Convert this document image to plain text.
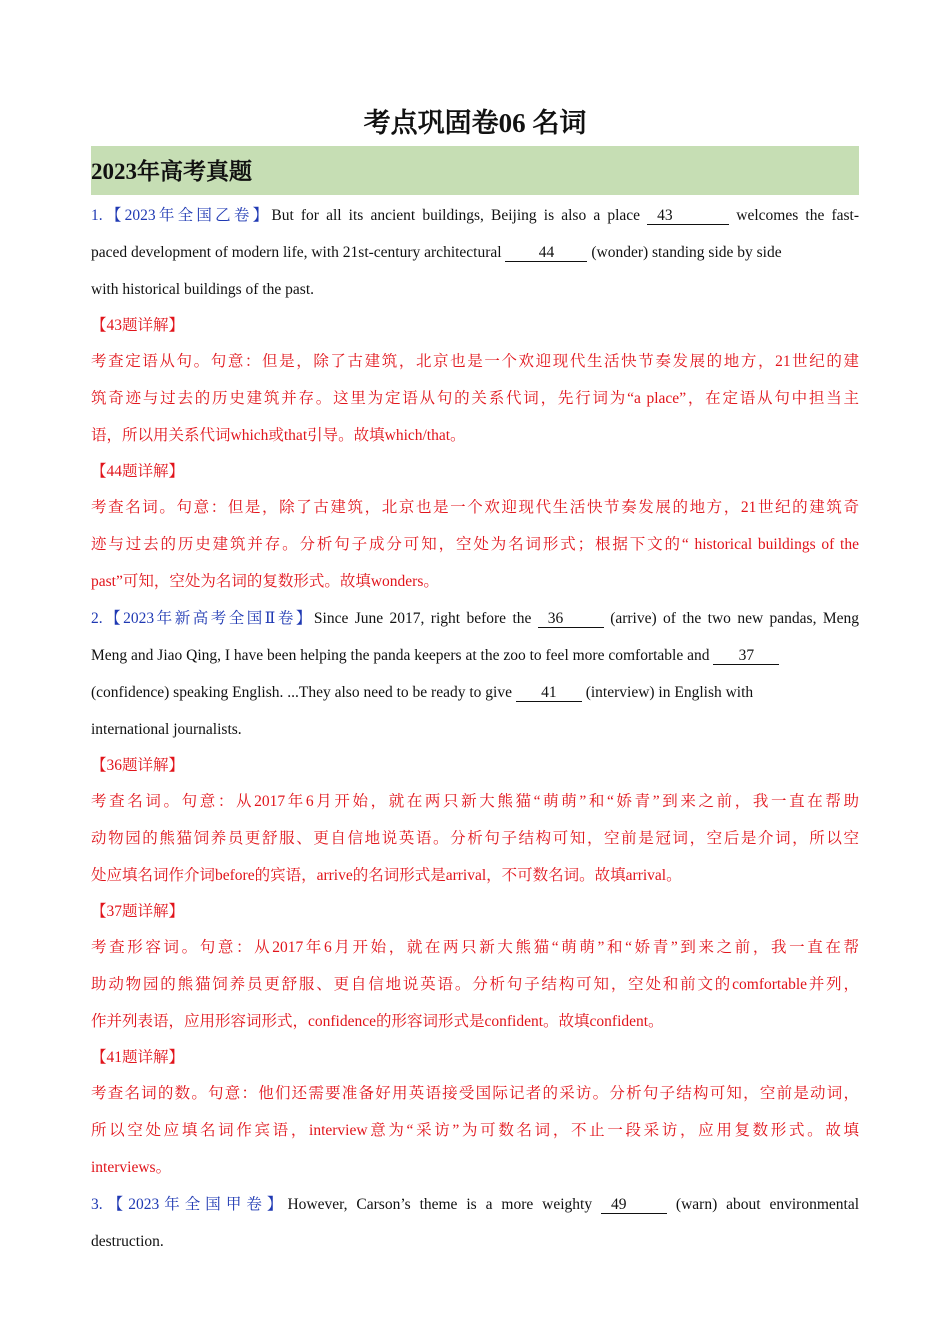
考点巩固卷06 名词
2023年高考真题
1.【2023年全国乙卷】But for all its ancient buildings, Beijing is also a place 43	welcomes the fast-
paced development of modern life, with 21st-century architectural 44 (wonder) standing side by side
with historical buildings of the past.
【43题详解】
考查定语从句。句意：但是，除了古建筑，北京也是一个欢迎现代生活快节奏发展的地方，21世纪的建
筑奇迹与过去的历史建筑并存。这里为定语从句的关系代词，先行词为“a place”，在定语从句中担当主
语，所以用关系代词which或that引导。故填which/that。
【44题详解】
考查名词。句意：但是，除了古建筑，北京也是一个欢迎现代生活快节奏发展的地方，21世纪的建筑奇
迹与过去的历史建筑并存。分析句子成分可知，空处为名词形式；根据下文的“ historical buildings of the
past”可知，空处为名词的复数形式。故填wonders。
2.【2023年新高考全国Ⅱ卷】Since June 2017, right before the 36	(arrive) of the two new pandas, Meng
Meng and Jiao Qing, I have been helping the panda keepers at the zoo to feel more comfortable and 37
(confidence) speaking English. ...They also need to be ready to give 41 (interview) in English with
international journalists.
【36题详解】
考查名词。句意：从2017年6月开始，就在两只新大熊猫“萌萌”和“娇青”到来之前，我一直在帮助
动物园的熊猫饲养员更舒服、更自信地说英语。分析句子结构可知，空前是冠词，空后是介词，所以空
处应填名词作介词before的宾语，arrive的名词形式是arrival，不可数名词。故填arrival。
【37题详解】
考查形容词。句意：从2017年6月开始，就在两只新大熊猫“萌萌”和“娇青”到来之前，我一直在帮
助动物园的熊猫饲养员更舒服、更自信地说英语。分析句子结构可知，空处和前文的comfortable并列，
作并列表语，应用形容词形式，confidence的形容词形式是confident。故填confident。
【41题详解】
考查名词的数。句意：他们还需要准备好用英语接受国际记者的采访。分析句子结构可知，空前是动词，
所以空处应填名词作宾语，interview意为“采访”为可数名词，不止一段采访，应用复数形式。故填
interviews。
3.【2023年全国甲卷】However, Carson’s theme is a more weighty 49	(warn) about environmental
destruction.
